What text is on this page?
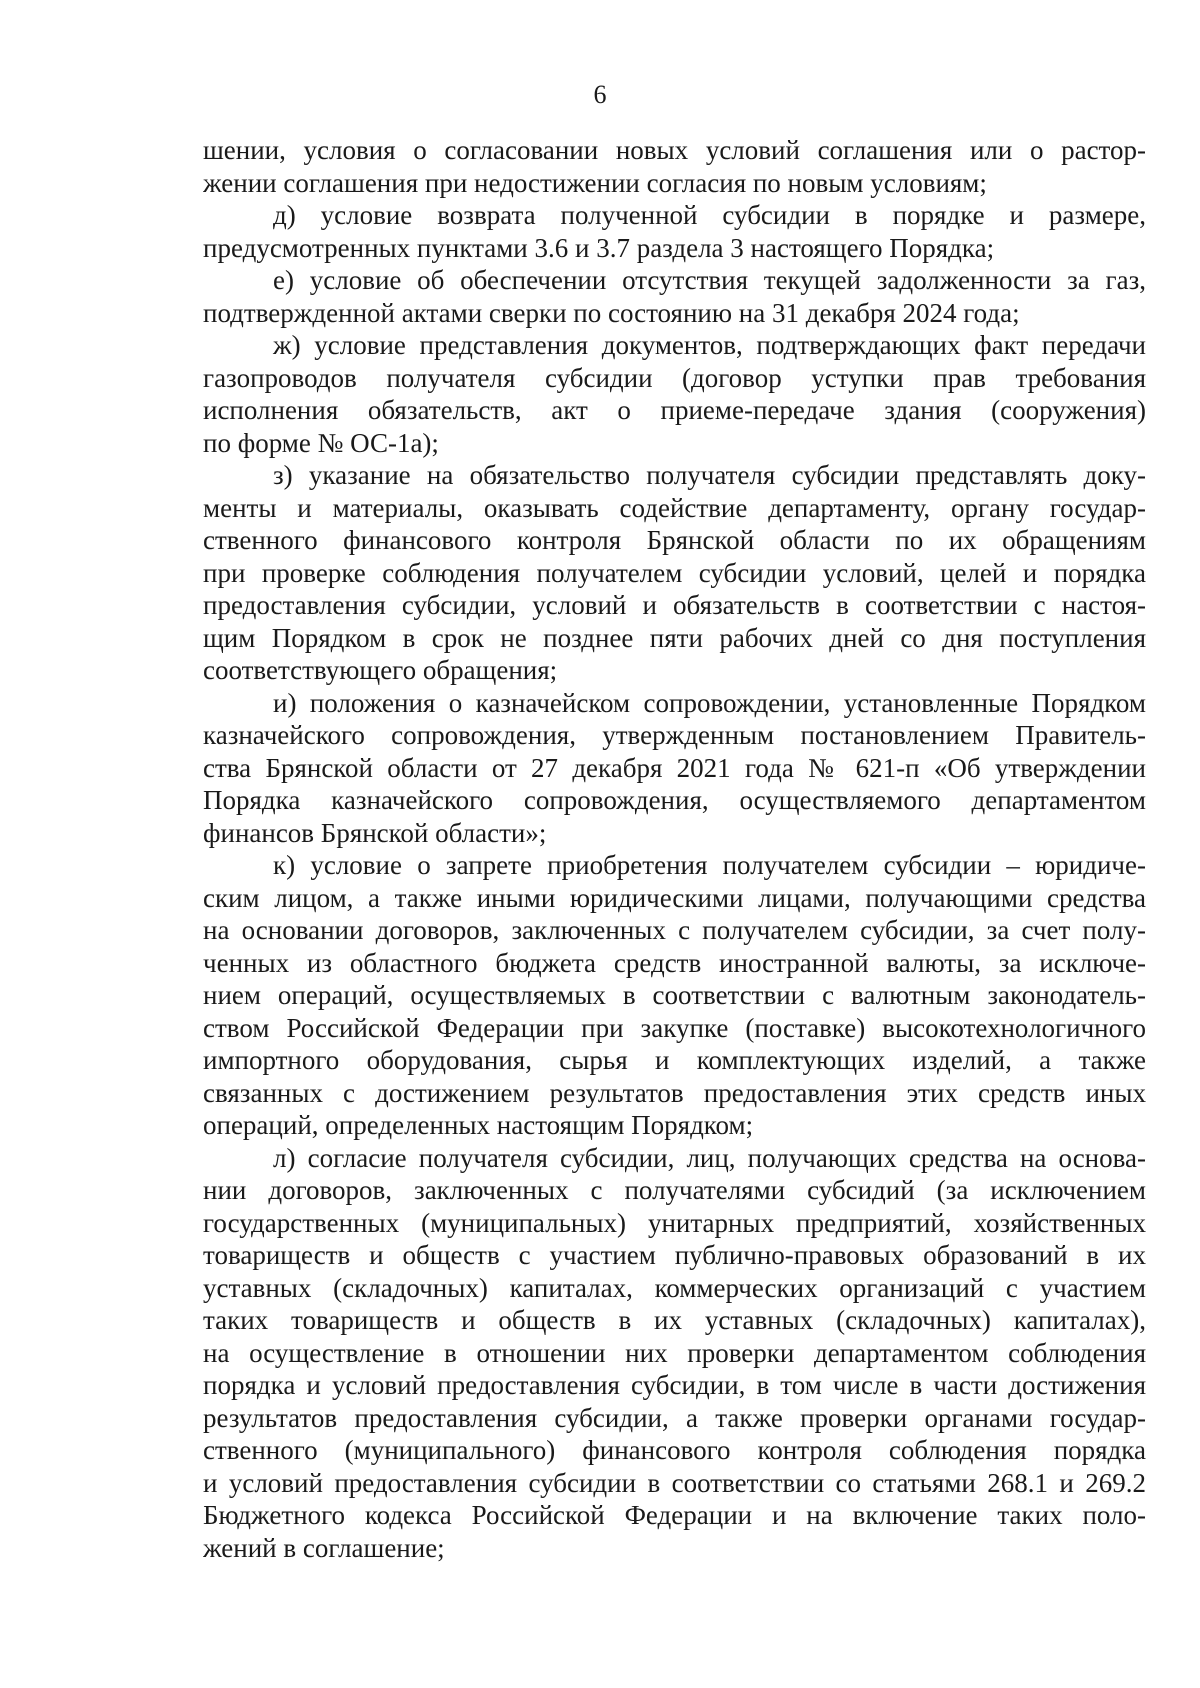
6
шении, условия о согласовании новых условий соглашения или о растор-
жении соглашения при недостижении согласия по новым условиям;
д) условие возврата полученной субсидии в порядке и размере,
предусмотренных пунктами 3.6 и 3.7 раздела 3 настоящего Порядка;
е) условие об обеспечении отсутствия текущей задолженности за газ,
подтвержденной актами сверки по состоянию на 31 декабря 2024 года;
ж) условие представления документов, подтверждающих факт передачи
газопроводов получателя субсидии (договор уступки прав требования
исполнения обязательств, акт о приеме-передаче здания (сооружения)
по форме № ОС-1а);
з) указание на обязательство получателя субсидии представлять доку-
менты и материалы, оказывать содействие департаменту, органу государ-
ственного финансового контроля Брянской области по их обращениям
при проверке соблюдения получателем субсидии условий, целей и порядка
предоставления субсидии, условий и обязательств в соответствии с настоя-
щим Порядком в срок не позднее пяти рабочих дней со дня поступления
соответствующего обращения;
и) положения о казначейском сопровождении, установленные Порядком
казначейского сопровождения, утвержденным постановлением Правитель-
ства Брянской области от 27 декабря 2021 года № 621-п «Об утверждении
Порядка казначейского сопровождения, осуществляемого департаментом
финансов Брянской области»;
к) условие о запрете приобретения получателем субсидии – юридиче-
ским лицом, а также иными юридическими лицами, получающими средства
на основании договоров, заключенных с получателем субсидии, за счет полу-
ченных из областного бюджета средств иностранной валюты, за исключе-
нием операций, осуществляемых в соответствии с валютным законодатель-
ством Российской Федерации при закупке (поставке) высокотехнологичного
импортного оборудования, сырья и комплектующих изделий, а также
связанных с достижением результатов предоставления этих средств иных
операций, определенных настоящим Порядком;
л) согласие получателя субсидии, лиц, получающих средства на основа-
нии договоров, заключенных с получателями субсидий (за исключением
государственных (муниципальных) унитарных предприятий, хозяйственных
товариществ и обществ с участием публично-правовых образований в их
уставных (складочных) капиталах, коммерческих организаций с участием
таких товариществ и обществ в их уставных (складочных) капиталах),
на осуществление в отношении них проверки департаментом соблюдения
порядка и условий предоставления субсидии, в том числе в части достижения
результатов предоставления субсидии, а также проверки органами государ-
ственного (муниципального) финансового контроля соблюдения порядка
и условий предоставления субсидии в соответствии со статьями 268.1 и 269.2
Бюджетного кодекса Российской Федерации и на включение таких поло-
жений в соглашение;
